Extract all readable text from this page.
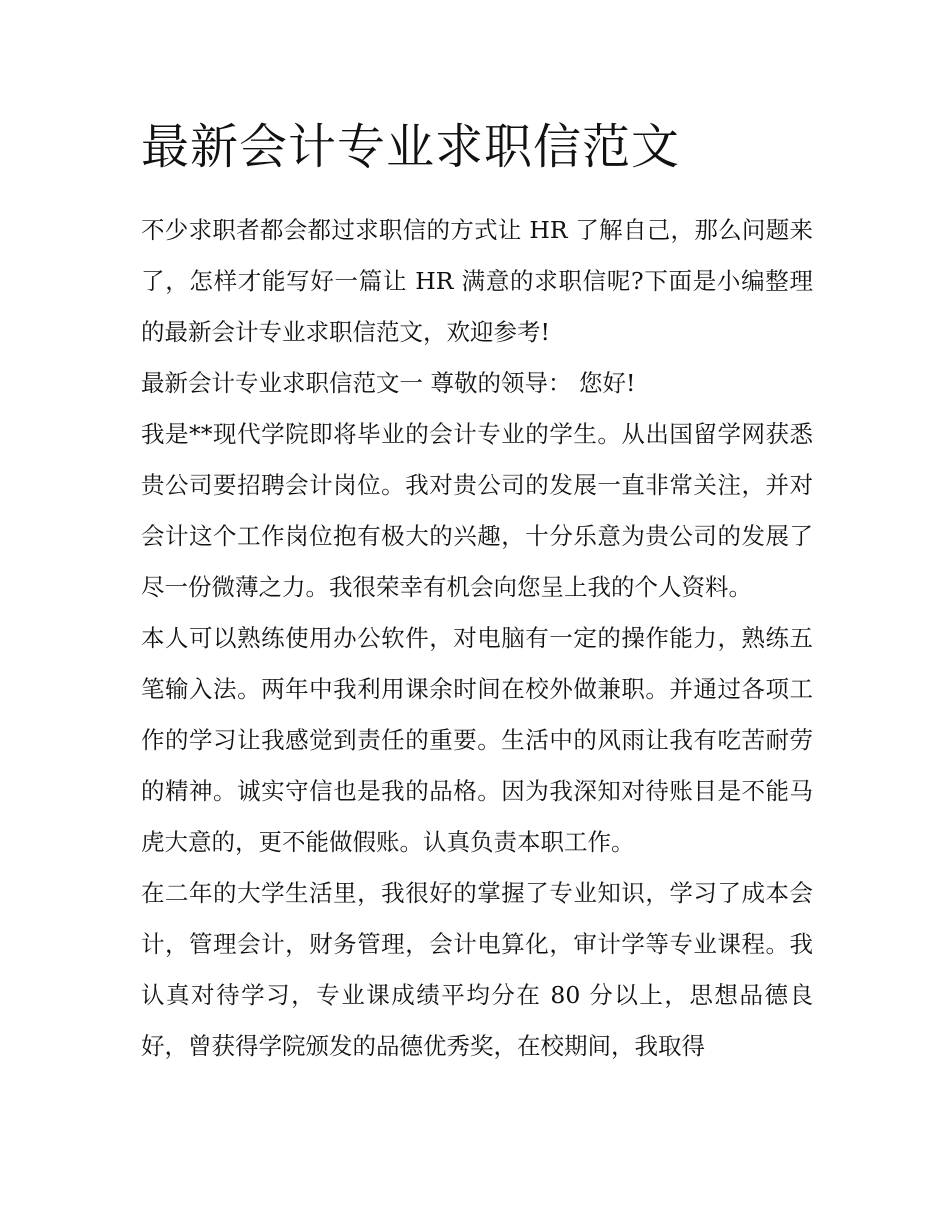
最新会计专业求职信范文

不少求职者都会都过求职信的方式让 HR 了解自己，那么问题来了，怎样才能写好一篇让 HR 满意的求职信呢?下面是小编整理的最新会计专业求职信范文，欢迎参考!

最新会计专业求职信范文一 尊敬的领导： 您好!

我是**现代学院即将毕业的会计专业的学生。从出国留学网获悉贵公司要招聘会计岗位。我对贵公司的发展一直非常关注，并对会计这个工作岗位抱有极大的兴趣，十分乐意为贵公司的发展了尽一份微薄之力。我很荣幸有机会向您呈上我的个人资料。

本人可以熟练使用办公软件，对电脑有一定的操作能力，熟练五笔输入法。两年中我利用课余时间在校外做兼职。并通过各项工作的学习让我感觉到责任的重要。生活中的风雨让我有吃苦耐劳的精神。诚实守信也是我的品格。因为我深知对待账目是不能马虎大意的，更不能做假账。认真负责本职工作。

在二年的大学生活里，我很好的掌握了专业知识，学习了成本会计，管理会计，财务管理，会计电算化，审计学等专业课程。我认真对待学习，专业课成绩平均分在 80 分以上，思想品德良好，曾获得学院颁发的品德优秀奖，在校期间，我取得
